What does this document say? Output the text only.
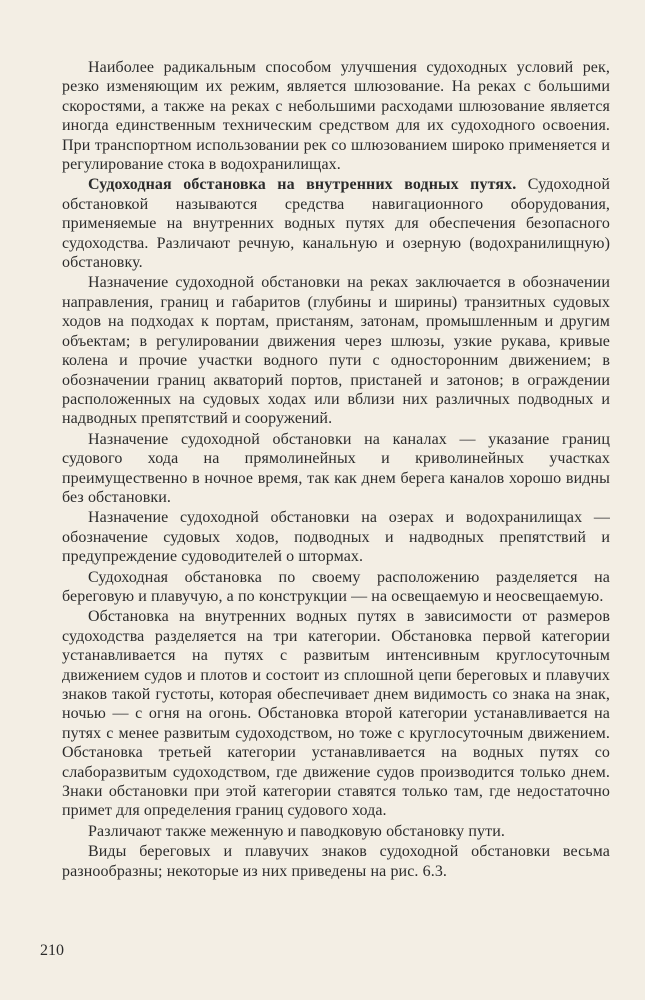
Наиболее радикальным способом улучшения судоходных условий рек, резко изменяющим их режим, является шлюзование. На реках с большими скоростями, а также на реках с небольшими расходами шлюзование является иногда единственным техническим средством для их судоходного освоения. При транспортном использовании рек со шлюзованием широко применяется и регулирование стока в водохранилищах.

Судоходная обстановка на внутренних водных путях. Судоходной обстановкой называются средства навигационного оборудования, применяемые на внутренних водных путях для обеспечения безопасного судоходства. Различают речную, канальную и озерную (водохранилищную) обстановку.

Назначение судоходной обстановки на реках заключается в обозначении направления, границ и габаритов (глубины и ширины) транзитных судовых ходов на подходах к портам, пристаням, затонам, промышленным и другим объектам; в регулировании движения через шлюзы, узкие рукава, кривые колена и прочие участки водного пути с односторонним движением; в обозначении границ акваторий портов, пристаней и затонов; в ограждении расположенных на судовых ходах или вблизи них различных подводных и надводных препятствий и сооружений.

Назначение судоходной обстановки на каналах — указание границ судового хода на прямолинейных и криволинейных участках преимущественно в ночное время, так как днем берега каналов хорошо видны без обстановки.

Назначение судоходной обстановки на озерах и водохранилищах — обозначение судовых ходов, подводных и надводных препятствий и предупреждение судоводителей о штормах.

Судоходная обстановка по своему расположению разделяется на береговую и плавучую, а по конструкции — на освещаемую и неосвещаемую.

Обстановка на внутренних водных путях в зависимости от размеров судоходства разделяется на три категории. Обстановка первой категории устанавливается на путях с развитым интенсивным круглосуточным движением судов и плотов и состоит из сплошной цепи береговых и плавучих знаков такой густоты, которая обеспечивает днем видимость со знака на знак, ночью — с огня на огонь. Обстановка второй категории устанавливается на путях с менее развитым судоходством, но тоже с круглосуточным движением. Обстановка третьей категории устанавливается на водных путях со слаборазвитым судоходством, где движение судов производится только днем. Знаки обстановки при этой категории ставятся только там, где недостаточно примет для определения границ судового хода.

Различают также меженную и паводковую обстановку пути.

Виды береговых и плавучих знаков судоходной обстановки весьма разнообразны; некоторые из них приведены на рис. 6.3.

210
